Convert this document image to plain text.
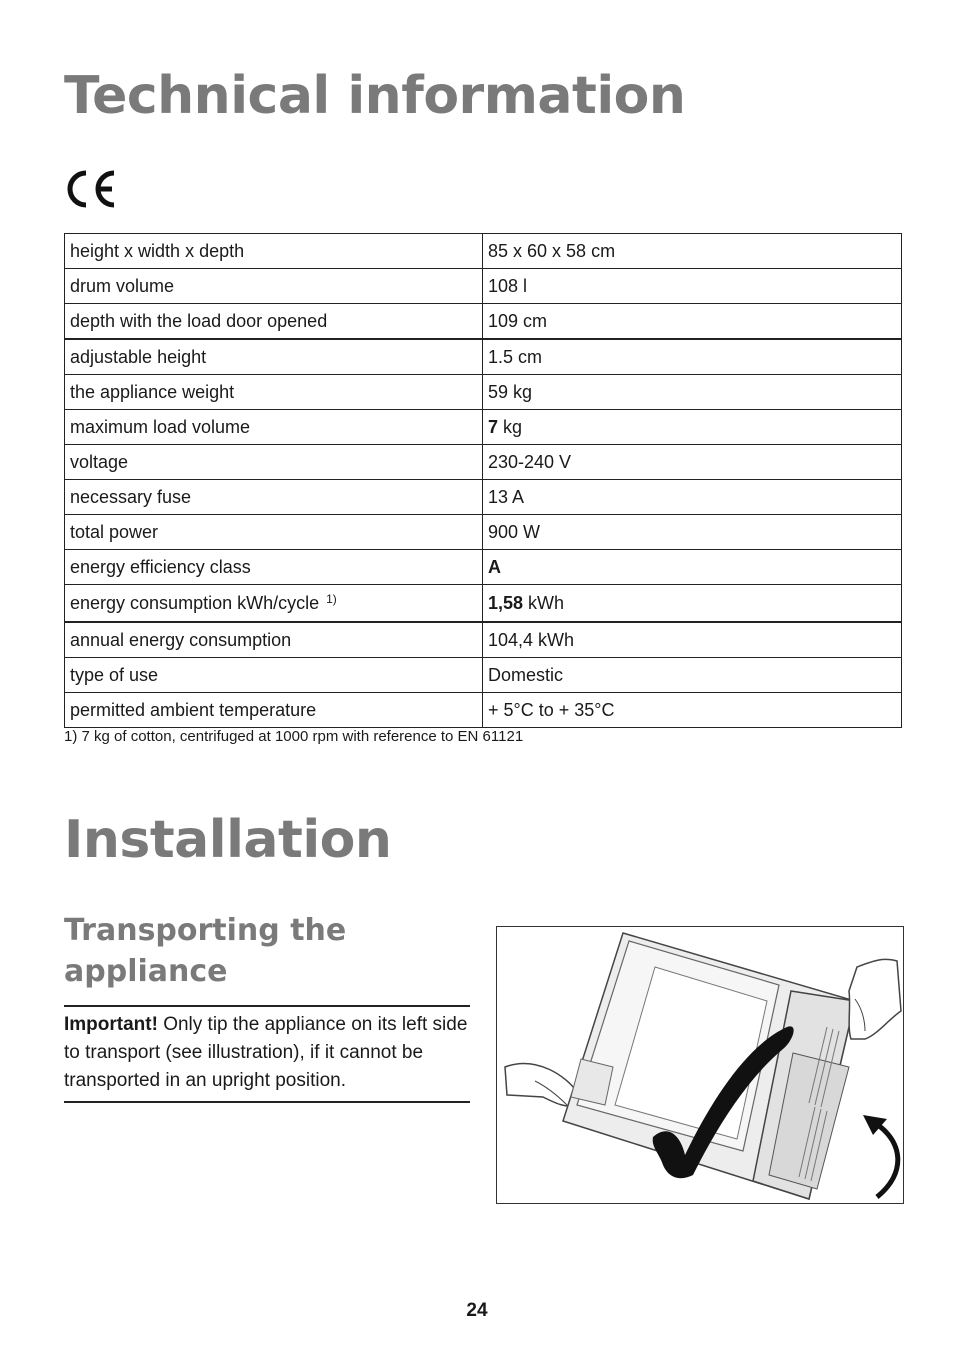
Technical information
height x width x depth	85 x 60 x 58 cm
drum volume	108 l
depth with the load door opened	109 cm
adjustable height	1.5 cm
the appliance weight	59 kg
maximum load volume	7 kg
voltage	230-240 V
necessary fuse	13 A
total power	900 W
energy efficiency class	A
energy consumption kWh/cycle $^{1)}$	1,58 kWh
annual energy consumption	104,4 kWh
type of use	Domestic
permitted ambient temperature	+ 5°C to + 35°C
1) 7 kg of cotton, centrifuged at 1000 rpm with reference to EN 61121
Installation
Transporting the appliance

Important! Only tip the appliance on its left side to transport (see illustration), if it cannot be transported in an upright position.

24
